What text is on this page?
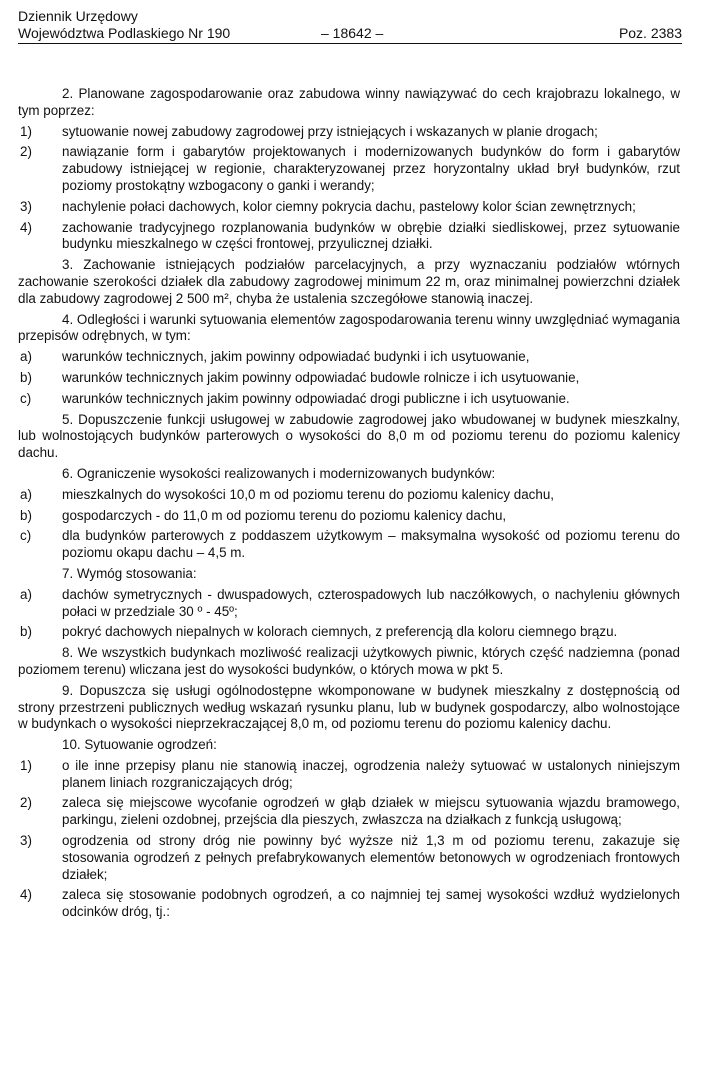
Dziennik Urzędowy
Województwa Podlaskiego Nr 190	– 18642 –	Poz. 2383

2. Planowane zagospodarowanie oraz zabudowa winny nawiązywać do cech krajobrazu lokalnego, w tym poprzez:

1)	sytuowanie nowej zabudowy zagrodowej przy istniejących i wskazanych w planie drogach;
2)	nawiązanie form i gabarytów projektowanych i modernizowanych budynków do form i gabarytów zabudowy istniejącej w regionie, charakteryzowanej przez horyzontalny układ brył budynków, rzut poziomy prostokątny wzbogacony o ganki i werandy;
3)	nachylenie połaci dachowych, kolor ciemny pokrycia dachu, pastelowy kolor ścian zewnętrznych;
4)	zachowanie tradycyjnego rozplanowania budynków w obrębie działki siedliskowej, przez sytuowanie budynku mieszkalnego w części frontowej, przyulicznej działki.

3. Zachowanie istniejących podziałów parcelacyjnych, a przy wyznaczaniu podziałów wtórnych zachowanie szerokości działek dla zabudowy zagrodowej minimum 22 m, oraz minimalnej powierzchni działek dla zabudowy zagrodowej 2 500 m², chyba że ustalenia szczegółowe stanowią inaczej.

4. Odległości i warunki sytuowania elementów zagospodarowania terenu winny uwzględniać wymagania przepisów odrębnych, w tym:

a)	warunków technicznych, jakim powinny odpowiadać budynki i ich usytuowanie,
b)	warunków technicznych jakim powinny odpowiadać budowle rolnicze i ich usytuowanie,
c)	warunków technicznych jakim powinny odpowiadać drogi publiczne i ich usytuowanie.

5. Dopuszczenie funkcji usługowej w zabudowie zagrodowej jako wbudowanej w budynek mieszkalny, lub wolnostojących budynków parterowych o wysokości do 8,0 m od poziomu terenu do poziomu kalenicy dachu.

6. Ograniczenie wysokości realizowanych i modernizowanych budynków:

a)	mieszkalnych do wysokości 10,0 m od poziomu terenu do poziomu kalenicy dachu,
b)	gospodarczych - do 11,0 m od poziomu terenu do poziomu kalenicy dachu,
c)	dla budynków parterowych z poddaszem użytkowym – maksymalna wysokość od poziomu terenu do poziomu okapu dachu – 4,5 m.

7. Wymóg stosowania:

a)	dachów symetrycznych - dwuspadowych, czterospadowych lub naczółkowych, o nachyleniu głównych połaci w przedziale 30 º - 45º;
b)	pokryć dachowych niepalnych w kolorach ciemnych, z preferencją dla koloru ciemnego brązu.

8. We wszystkich budynkach mozliwość realizacji użytkowych piwnic, których część nadziemna (ponad poziomem terenu) wliczana jest do wysokości budynków, o których mowa w pkt 5.

9. Dopuszcza się usługi ogólnodostępne wkomponowane w budynek mieszkalny z dostępnością od strony przestrzeni publicznych według wskazań rysunku planu, lub w budynek gospodarczy, albo wolnostojące w budynkach o wysokości nieprzekraczającej 8,0 m, od poziomu terenu do poziomu kalenicy dachu.

10. Sytuowanie ogrodzeń:

1)	o ile inne przepisy planu nie stanowią inaczej, ogrodzenia należy sytuować w ustalonych niniejszym planem liniach rozgraniczających dróg;
2)	zaleca się miejscowe wycofanie ogrodzeń w głąb działek w miejscu sytuowania wjazdu bramowego, parkingu, zieleni ozdobnej, przejścia dla pieszych, zwłaszcza na działkach z funkcją usługową;
3)	ogrodzenia od strony dróg nie powinny być wyższe niż 1,3 m od poziomu terenu, zakazuje się stosowania ogrodzeń z pełnych prefabrykowanych elementów betonowych w ogrodzeniach frontowych działek;
4)	zaleca się stosowanie podobnych ogrodzeń, a co najmniej tej samej wysokości wzdłuż wydzielonych odcinków dróg, tj.:
